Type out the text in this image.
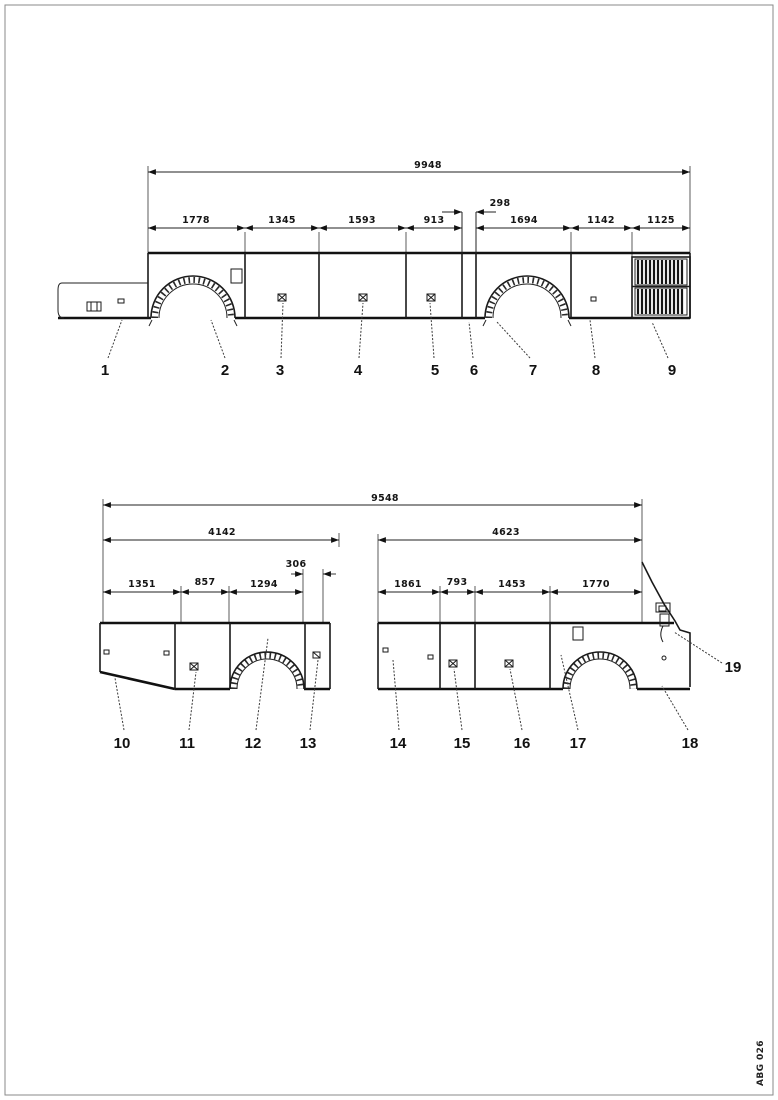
9948
298
1778	1345	1593	913	1694	1142	1125
1	2	3	4	5 6	7	8	9
9548
4142	4623
306
1351	857	1294	1861	793	1453	1770
10	11	12	13	14	15	16	17	18
19
ABG 026
